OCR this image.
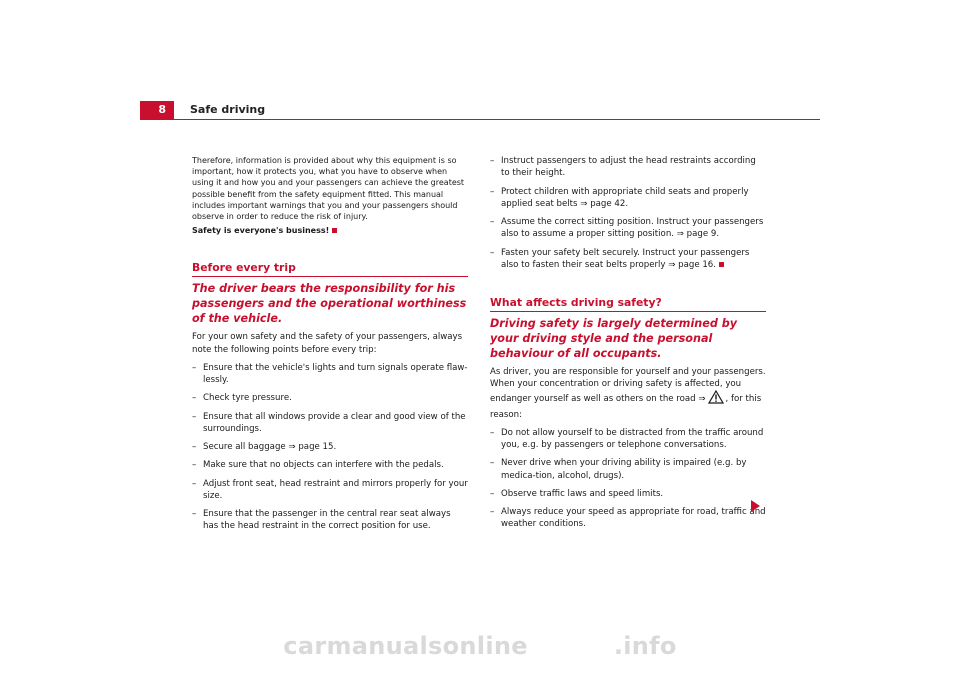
8	Safe driving

Therefore, information is provided about why this equipment is so important, how it protects you, what you have to observe when using it and how you and your passengers can achieve the greatest possible benefit from the safety equipment fitted. This manual includes important warnings that you and your passengers should observe in order to reduce the risk of injury.

Safety is everyone's business!

Before every trip

The driver bears the responsibility for his passengers and the operational worthiness of the vehicle.

For your own safety and the safety of your passengers, always note the following points before every trip:

– Ensure that the vehicle's lights and turn signals operate flaw-lessly.
– Check tyre pressure.
– Ensure that all windows provide a clear and good view of the surroundings.
– Secure all baggage ⇒ page 15.
– Make sure that no objects can interfere with the pedals.
– Adjust front seat, head restraint and mirrors properly for your size.
– Ensure that the passenger in the central rear seat always has the head restraint in the correct position for use.
– Instruct passengers to adjust the head restraints according to their height.
– Protect children with appropriate child seats and properly applied seat belts ⇒ page 42.
– Assume the correct sitting position. Instruct your passengers also to assume a proper sitting position. ⇒ page 9.
– Fasten your safety belt securely. Instruct your passengers also to fasten their seat belts properly ⇒ page 16.

What affects driving safety?

Driving safety is largely determined by your driving style and the personal behaviour of all occupants.

As driver, you are responsible for yourself and your passengers. When your concentration or driving safety is affected, you endanger yourself as well as others on the road ⇒ , for this reason:

– Do not allow yourself to be distracted from the traffic around you, e.g. by passengers or telephone conversations.
– Never drive when your driving ability is impaired (e.g. by medica-tion, alcohol, drugs).
– Observe traffic laws and speed limits.
– Always reduce your speed as appropriate for road, traffic and weather conditions.
carmanualsonline	.info
